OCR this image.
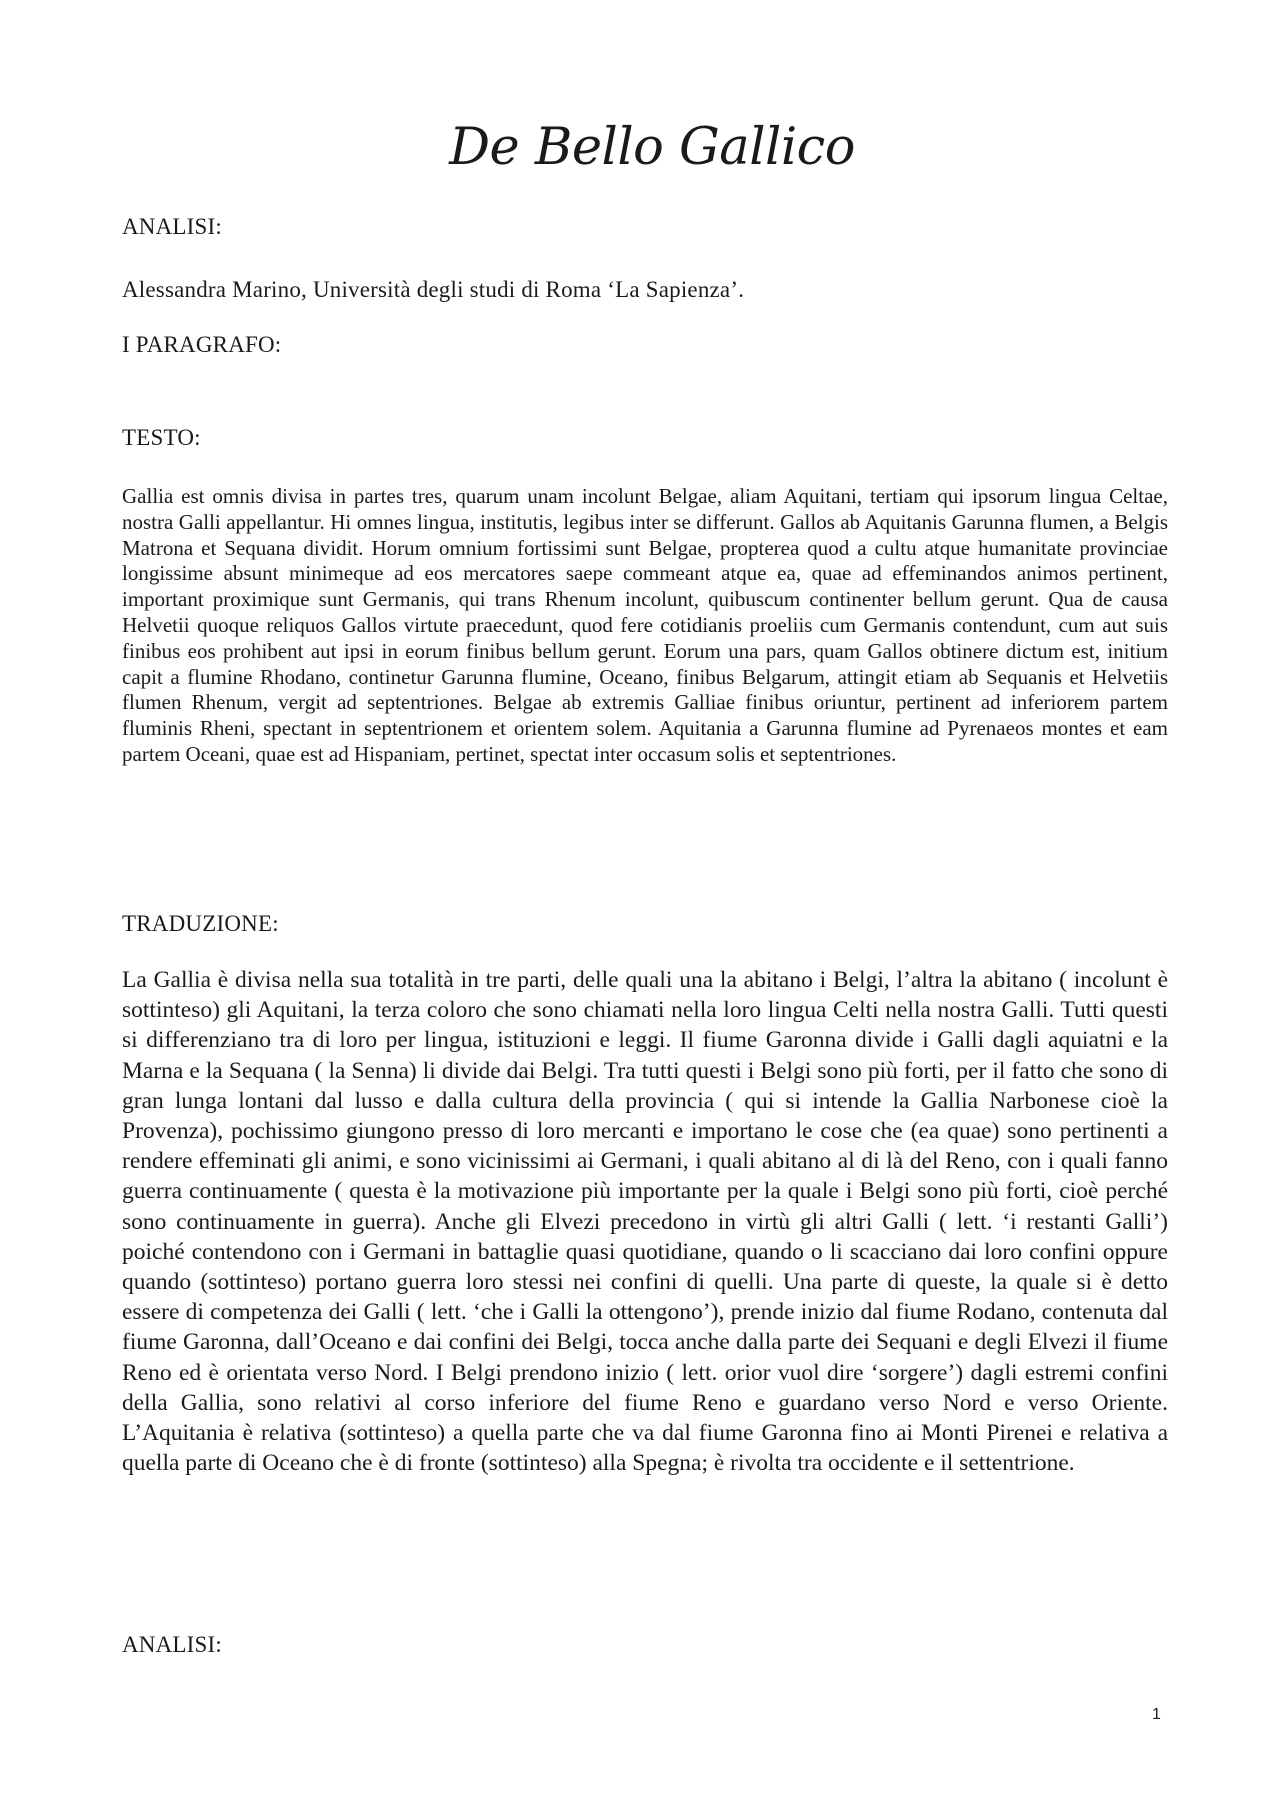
De Bello Gallico
ANALISI:
Alessandra Marino, Università degli studi di Roma ‘La Sapienza’.
I PARAGRAFO:
TESTO:

Gallia est omnis divisa in partes tres, quarum unam incolunt Belgae, aliam Aquitani, tertiam qui ipsorum lingua Celtae, nostra Galli appellantur. Hi omnes lingua, institutis, legibus inter se differunt. Gallos ab Aquitanis Garunna flumen, a Belgis Matrona et Sequana dividit. Horum omnium fortissimi sunt Belgae, propterea quod a cultu atque humanitate provinciae longissime absunt minimeque ad eos mercatores saepe commeant atque ea, quae ad effeminandos animos pertinent, important proximique sunt Germanis, qui trans Rhenum incolunt, quibuscum continenter bellum gerunt. Qua de causa Helvetii quoque reliquos Gallos virtute praecedunt, quod fere cotidianis proeliis cum Germanis contendunt, cum aut suis finibus eos prohibent aut ipsi in eorum finibus bellum gerunt. Eorum una pars, quam Gallos obtinere dictum est, initium capit a flumine Rhodano, continetur Garunna flumine, Oceano, finibus Belgarum, attingit etiam ab Sequanis et Helvetiis flumen Rhenum, vergit ad septentriones. Belgae ab extremis Galliae finibus oriuntur, pertinent ad inferiorem partem fluminis Rheni, spectant in septentrionem et orientem solem. Aquitania a Garunna flumine ad Pyrenaeos montes et eam partem Oceani, quae est ad Hispaniam, pertinet, spectat inter occasum solis et septentriones.

TRADUZIONE:

La Gallia è divisa nella sua totalità in tre parti, delle quali una la abitano i Belgi, l’altra la abitano ( incolunt è sottinteso) gli Aquitani, la terza coloro che sono chiamati nella loro lingua Celti nella nostra Galli. Tutti questi si differenziano tra di loro per lingua, istituzioni e leggi. Il fiume Garonna divide i Galli dagli aquiatni e la Marna e la Sequana ( la Senna) li divide dai Belgi. Tra tutti questi i Belgi sono più forti, per il fatto che sono di gran lunga lontani dal lusso e dalla cultura della provincia ( qui si intende la Gallia Narbonese cioè la Provenza), pochissimo giungono presso di loro mercanti e importano le cose che (ea quae) sono pertinenti a rendere effeminati gli animi, e sono vicinissimi ai Germani, i quali abitano al di là del Reno, con i quali fanno guerra continuamente ( questa è la motivazione più importante per la quale i Belgi sono più forti, cioè perché sono continuamente in guerra). Anche gli Elvezi precedono in virtù gli altri Galli ( lett. ‘i restanti Galli’) poiché contendono con i Germani in battaglie quasi quotidiane, quando o li scacciano dai loro confini oppure quando (sottinteso) portano guerra loro stessi nei confini di quelli. Una parte di queste, la quale si è detto essere di competenza dei Galli ( lett. ‘che i Galli la ottengono’), prende inizio dal fiume Rodano, contenuta dal fiume Garonna, dall’Oceano e dai confini dei Belgi, tocca anche dalla parte dei Sequani e degli Elvezi il fiume Reno ed è orientata verso Nord. I Belgi prendono inizio ( lett. orior vuol dire ‘sorgere’) dagli estremi confini della Gallia, sono relativi al corso inferiore del fiume Reno e guardano verso Nord e verso Oriente. L’Aquitania è relativa (sottinteso) a quella parte che va dal fiume Garonna fino ai Monti Pirenei e relativa a quella parte di Oceano che è di fronte (sottinteso) alla Spegna; è rivolta tra occidente e il settentrione.

ANALISI:
1
